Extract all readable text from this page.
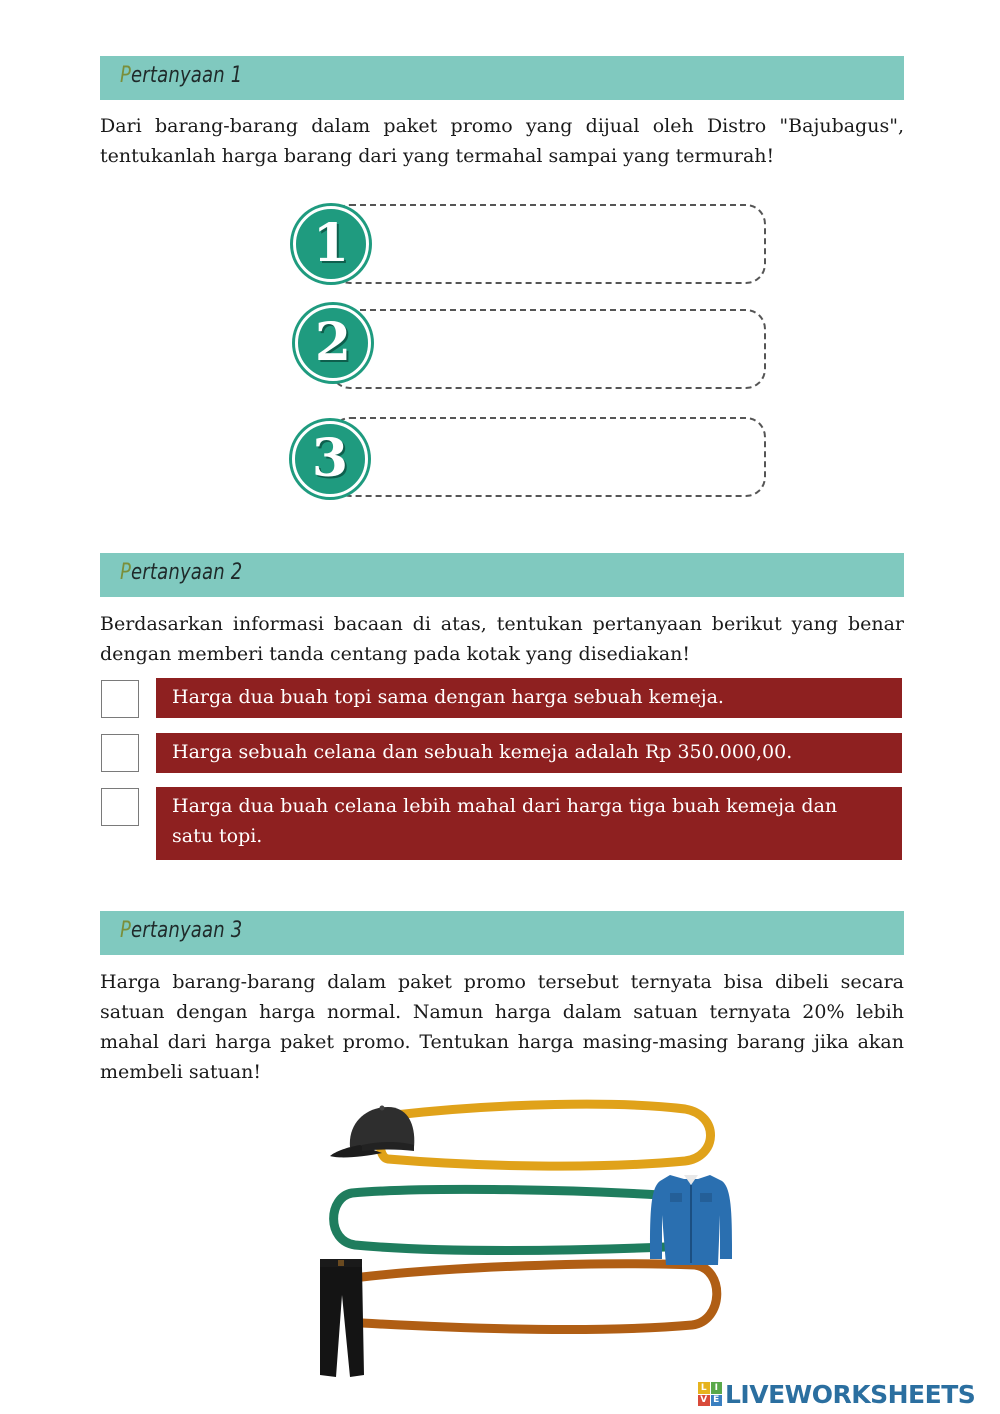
Pertanyaan 1
Dari barang-barang dalam paket promo yang dijual oleh Distro "Bajubagus",
tentukanlah harga barang dari yang termahal sampai yang termurah!
1
2
3
Pertanyaan 2
Berdasarkan informasi bacaan di atas, tentukan pertanyaan berikut yang benar
dengan memberi tanda centang pada kotak yang disediakan!
Harga dua buah topi sama dengan harga sebuah kemeja.
Harga sebuah celana dan sebuah kemeja adalah Rp 350.000,00.
Harga dua buah celana lebih mahal dari harga tiga buah kemeja dan satu topi.
Pertanyaan 3
Harga barang-barang dalam paket promo tersebut ternyata bisa dibeli secara
satuan dengan harga normal. Namun harga dalam satuan ternyata 20% lebih
mahal dari harga paket promo. Tentukan harga masing-masing barang jika akan
membeli satuan!
L I
V E LIVEWORKSHEETS
